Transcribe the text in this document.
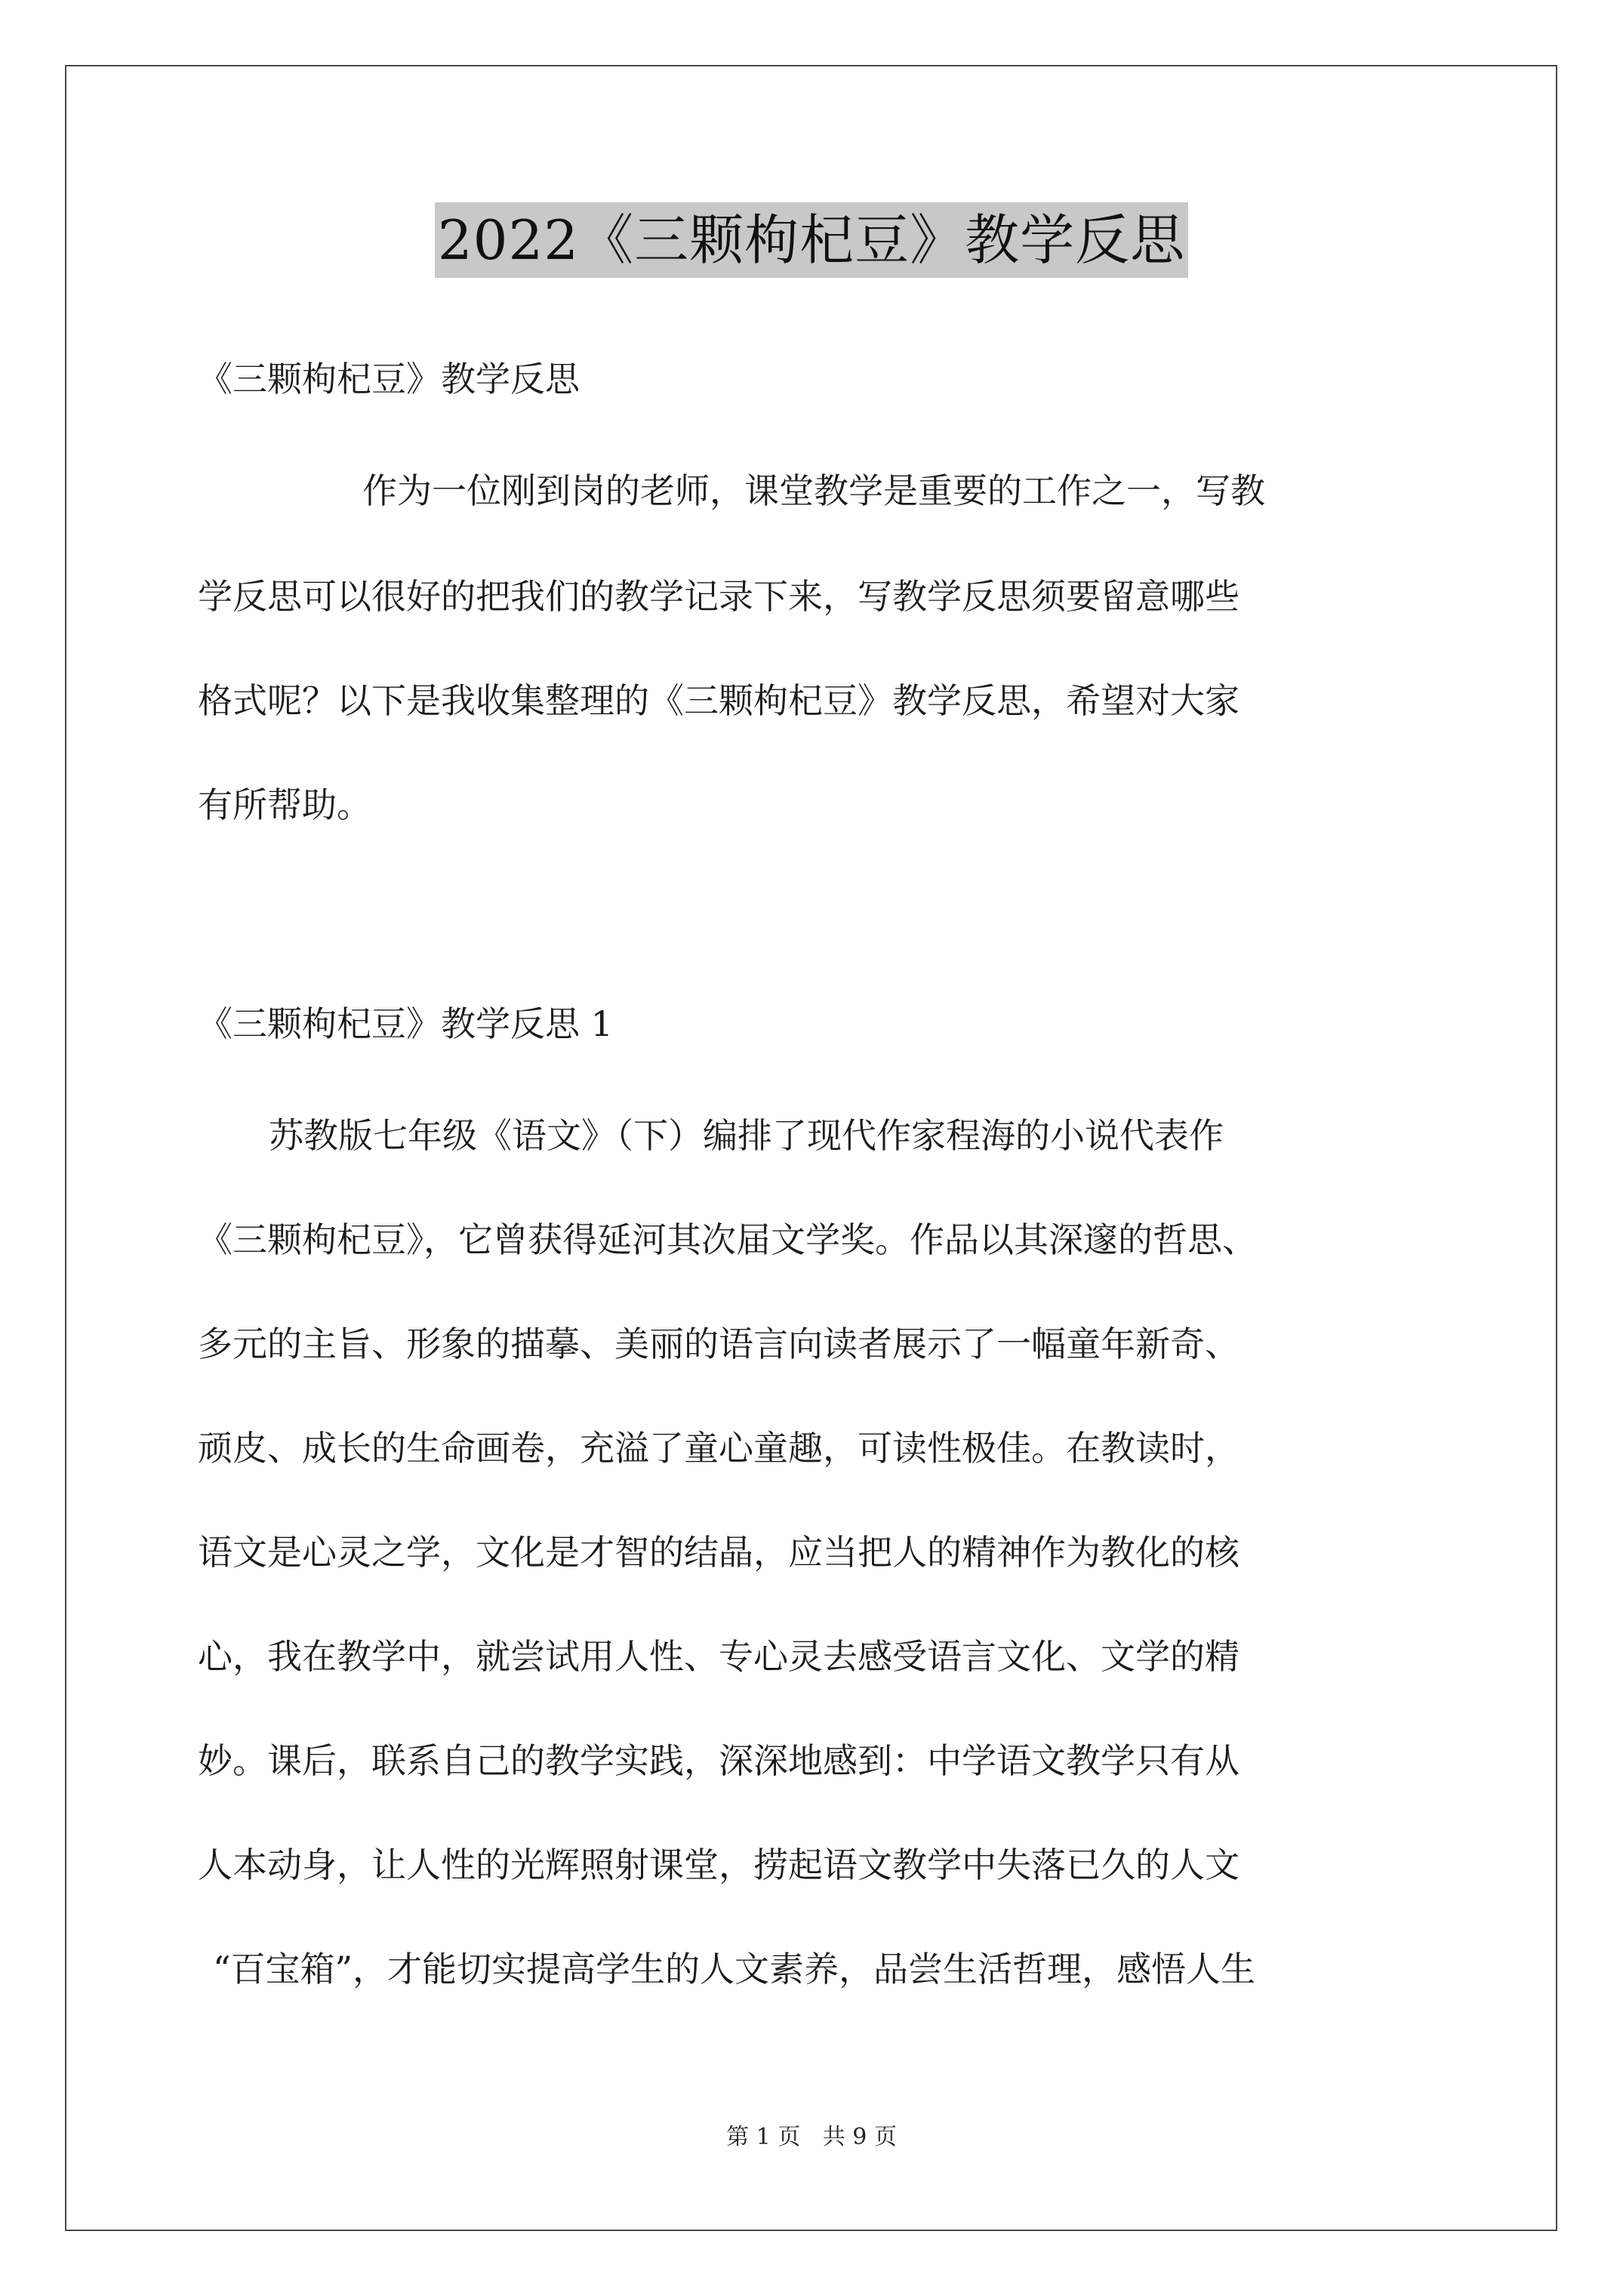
2022《三颗枸杞豆》教学反思
《三颗枸杞豆》教学反思
作为一位刚到岗的老师，课堂教学是重要的工作之一，写教
学反思可以很好的把我们的教学记录下来，写教学反思须要留意哪些
格式呢？以下是我收集整理的《三颗枸杞豆》教学反思，希望对大家
有所帮助。
《三颗枸杞豆》教学反思 1
苏教版七年级《语文》（下）编排了现代作家程海的小说代表作
《三颗枸杞豆》，它曾获得延河其次届文学奖。作品以其深邃的哲思、
多元的主旨、形象的描摹、美丽的语言向读者展示了一幅童年新奇、
顽皮、成长的生命画卷，充溢了童心童趣，可读性极佳。在教读时，
语文是心灵之学，文化是才智的结晶，应当把人的精神作为教化的核
心，我在教学中，就尝试用人性、专心灵去感受语言文化、文学的精
妙。课后，联系自己的教学实践，深深地感到：中学语文教学只有从
人本动身，让人性的光辉照射课堂，捞起语文教学中失落已久的人文
“百宝箱”，才能切实提高学生的人文素养，品尝生活哲理，感悟人生
第 1 页 共 9 页
